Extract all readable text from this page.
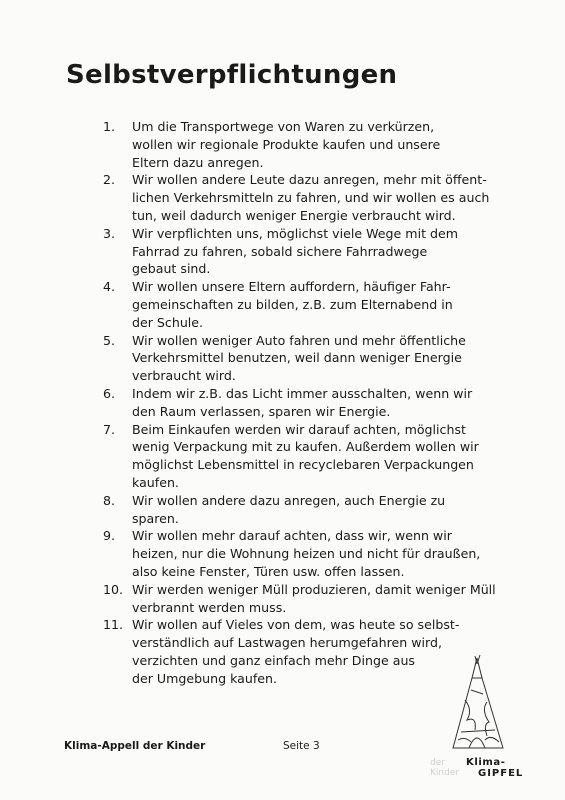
Selbstverpflichtungen
1.	Um die Transportwege von Waren zu verkürzen,
wollen wir regionale Produkte kaufen und unsere
Eltern dazu anregen.
2.	Wir wollen andere Leute dazu anregen, mehr mit öffent-
lichen Verkehrsmitteln zu fahren, und wir wollen es auch
tun, weil dadurch weniger Energie verbraucht wird.
3.	Wir verpflichten uns, möglichst viele Wege mit dem
Fahrrad zu fahren, sobald sichere Fahrradwege
gebaut sind.
4.	Wir wollen unsere Eltern auffordern, häufiger Fahr-
gemeinschaften zu bilden, z.B. zum Elternabend in
der Schule.
5.	Wir wollen weniger Auto fahren und mehr öffentliche
Verkehrsmittel benutzen, weil dann weniger Energie
verbraucht wird.
6.	Indem wir z.B. das Licht immer ausschalten, wenn wir
den Raum verlassen, sparen wir Energie.
7.	Beim Einkaufen werden wir darauf achten, möglichst
wenig Verpackung mit zu kaufen. Außerdem wollen wir
möglichst Lebensmittel in recyclebaren Verpackungen
kaufen.
8.	Wir wollen andere dazu anregen, auch Energie zu
sparen.
9.	Wir wollen mehr darauf achten, dass wir, wenn wir
heizen, nur die Wohnung heizen und nicht für draußen,
also keine Fenster, Türen usw. offen lassen.
10. Wir werden weniger Müll produzieren, damit weniger Müll
verbrannt werden muss.
11. Wir wollen auf Vieles von dem, was heute so selbst-
verständlich auf Lastwagen herumgefahren wird,
verzichten und ganz einfach mehr Dinge aus
der Umgebung kaufen.
Klima-Appell der Kinder	Seite 3
der
Kinder
Klima-
GIPFEL
